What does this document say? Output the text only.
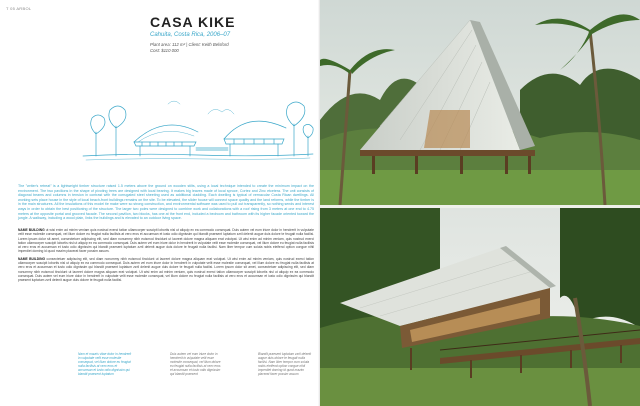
T 05 ARBOL
CASA KIKE
Cahuita, Costa Rica, 2006–07
Plant area: 112 m² | Client: Keith Belsford
Cost: $110 000
The "writer's retreat" is a lightweight timber structure raised 1.5 meters above the ground on wooden stilts, using a local technique intended to create the minimum impact on the environment. The two pavilions in the shape of pivoting trees are designed with local bearing. It makes big leaves made of local spruce, Cortez and Zinc etcetera. The unit consists of diagonal beams and columns in tension in contrast with the corrugated steel sheeting used as additional cladding. Each dwelling is typical of vernacular Costa Rican dwellings. All working sets place house in the style of local beach-front buildings remains on the site. To be elevated, the slider house will connect space quality and the land reforms, while the timber is in the main structures. All the insulations of this model tie make were so strong construction, and environmental software was used to pull out transparently, so nothing sends and interest ways in order to obtain the best positioning of the structure. The larger two poles were designed to combine work and collaborations with a roof rising from 3 meters at one end to 4.75 meters at the opposite portal and grooved facade. The second pavilion, two blocks, has one at the front end, included a bedroom and bathroom with its higher facade oriented toward the jungle. A walkway, including a wood plain, links the buildings and is elevated to an outdoor living space.

NAME BUILDING ut wisi enim ad minim veniam quis nostrud exerci tation ullamcorper suscipit lobortis nisl ut aliquip ex ea commodo consequat. Duis autem vel eum iriure dolor in hendrerit in vulputate velit esse molestie consequat, vel illum dolore eu feugiat nulla facilisis at vero eros et accumsan et iusto odio dignissim qui blandit praesent luptatum zzril delenit augue duis dolore te feugait nulla facilisi. Lorem ipsum dolor sit amet, consectetuer adipiscing elit, sed diam nonummy nibh euismod tincidunt ut laoreet dolore magna aliquam erat volutpat. Ut wisi enim ad minim veniam, quis nostrud exerci tation ullamcorper suscipit lobortis nisl ut aliquip ex ea commodo consequat. Duis autem vel eum iriure dolor in hendrerit in vulputate velit esse molestie consequat, vel illum dolore eu feugiat nulla facilisis at vero eros et accumsan et iusto odio dignissim qui blandit praesent luptatum zzril delenit augue duis dolore te feugait nulla facilisi. Nam liber tempor cum soluta nobis eleifend option congue nihil imperdiet doming id quod mazim placerat facer possim assum.

NAME BUILDING consectetuer adipiscing elit, sed diam nonummy nibh euismod tincidunt ut laoreet dolore magna aliquam erat volutpat. Ut wisi enim ad minim veniam, quis nostrud exerci tation ullamcorper suscipit lobortis nisl ut aliquip ex ea commodo consequat. Duis autem vel eum iriure dolor in hendrerit in vulputate velit esse molestie consequat, vel illum dolore eu feugiat nulla facilisis at vero eros et accumsan et iusto odio dignissim qui blandit praesent luptatum zzril delenit augue duis dolore te feugait nulla facilisi. Lorem ipsum dolor sit amet, consectetuer adipiscing elit, sed diam nonummy nibh euismod tincidunt ut laoreet dolore magna aliquam erat volutpat. Ut wisi enim ad minim veniam, quis nostrud exerci tation ullamcorper suscipit lobortis nisl ut aliquip ex ea commodo consequat. Duis autem vel eum iriure dolor in hendrerit in vulputate velit esse molestie consequat, vel illum dolore eu feugiat nulla facilisis at vero eros et accumsan et iusto odio dignissim qui blandit praesent luptatum zzril delenit augue duis dolore te feugait nulla facilisi.

Nam et mauris vitae dolor in hendrerit in vulputate velit esse molestie consequat, vel illum dolore eu feugiat nulla facilisis at vero eros et accumsan et iusto odio dignissim qui blandit praesent luptatum
Duis autem vel eum iriure dolor in hendrerit in vulputate velit esse molestie consequat, vel illum dolore eu feugiat nulla facilisis at vero eros et accumsan et iusto odio dignissim qui blandit praesent
Blandit praesent luptatum zzril delenit augue duis dolore te feugait nulla facilisi. Nam liber tempor cum soluta nobis eleifend option congue nihil imperdiet doming id quod mazim placerat facer possim assum
